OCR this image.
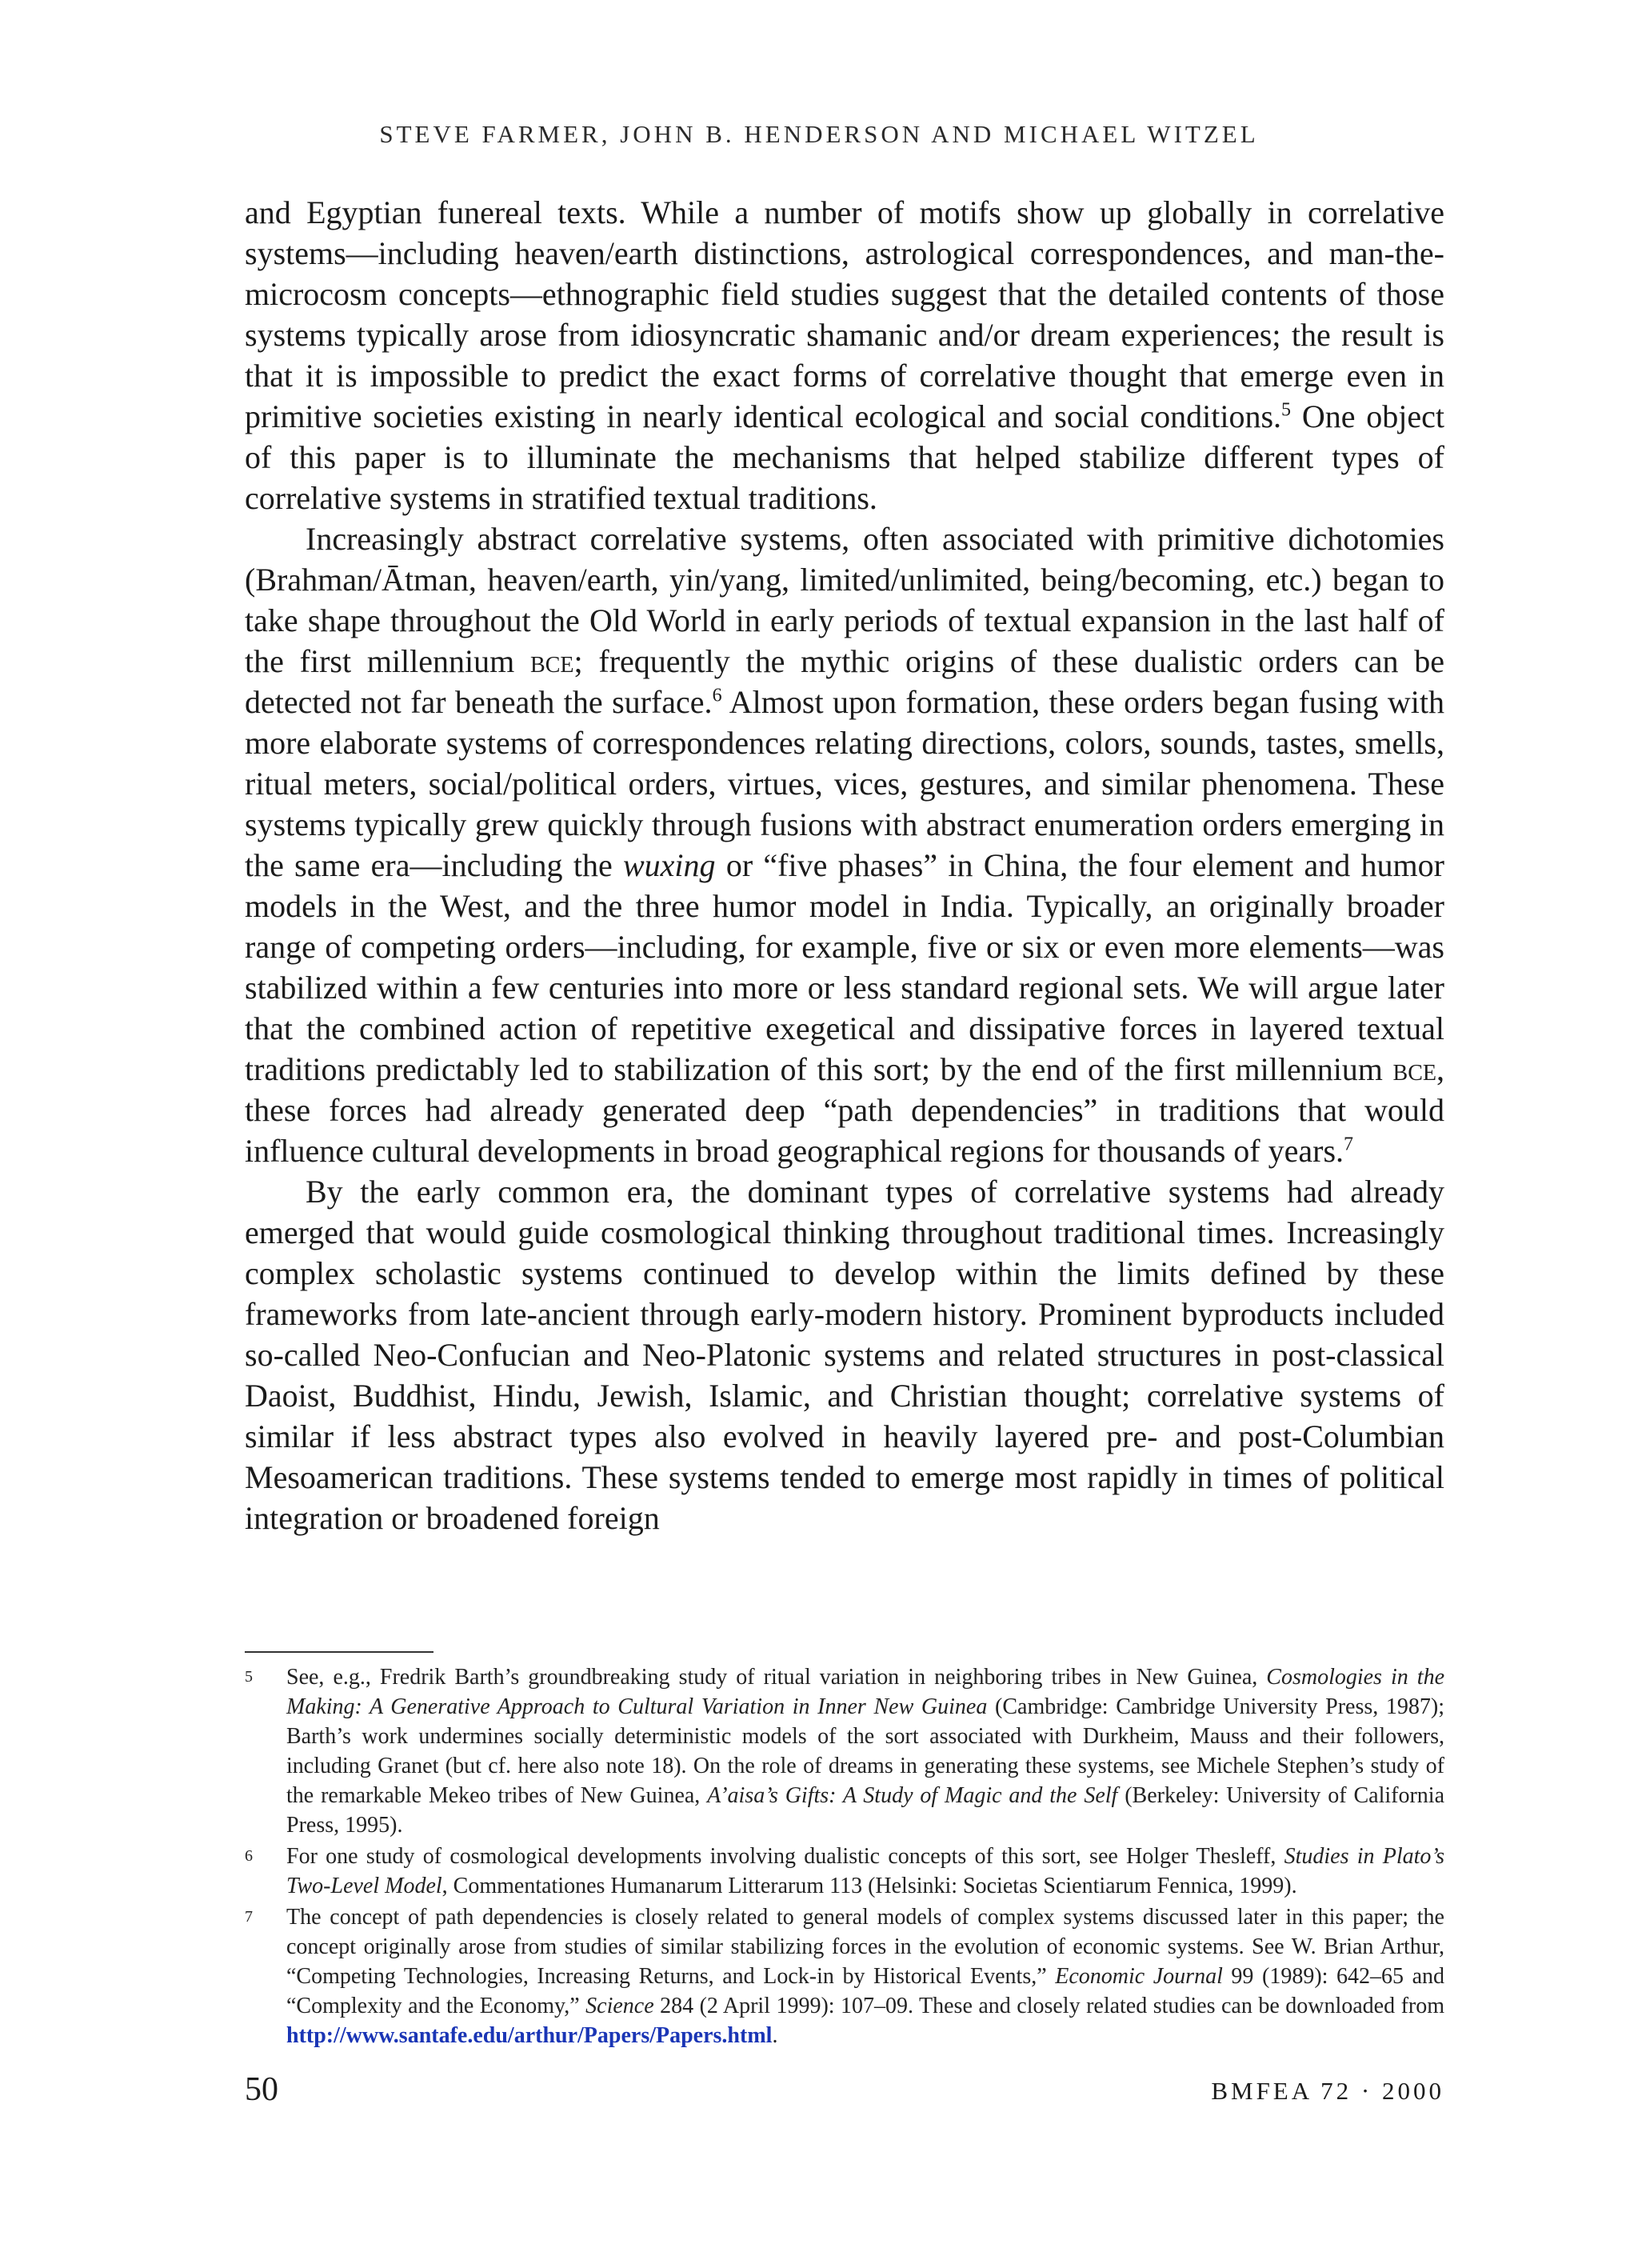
STEVE FARMER, JOHN B. HENDERSON AND MICHAEL WITZEL

and Egyptian funereal texts. While a number of motifs show up globally in correlative systems—including heaven/earth distinctions, astrological correspondences, and man-the-microcosm concepts—ethnographic field studies suggest that the detailed contents of those systems typically arose from idiosyncratic shamanic and/or dream experiences; the result is that it is impossible to predict the exact forms of correlative thought that emerge even in primitive societies existing in nearly identical ecological and social conditions.$^5$ One object of this paper is to illuminate the mechanisms that helped stabilize different types of correlative systems in stratified textual traditions.

Increasingly abstract correlative systems, often associated with primitive dichotomies (Brahman/Ātman, heaven/earth, yin/yang, limited/unlimited, being/becoming, etc.) began to take shape throughout the Old World in early periods of textual expansion in the last half of the first millennium bce; frequently the mythic origins of these dualistic orders can be detected not far beneath the surface.$^6$ Almost upon formation, these orders began fusing with more elaborate systems of correspondences relating directions, colors, sounds, tastes, smells, ritual meters, social/political orders, virtues, vices, gestures, and similar phenomena. These systems typically grew quickly through fusions with abstract enumeration orders emerging in the same era—including the wuxing or “five phases” in China, the four element and humor models in the West, and the three humor model in India. Typically, an originally broader range of competing orders—including, for example, five or six or even more elements—was stabilized within a few centuries into more or less standard regional sets. We will argue later that the combined action of repetitive exegetical and dissipative forces in layered textual traditions predictably led to stabilization of this sort; by the end of the first millennium bce, these forces had already generated deep “path dependencies” in traditions that would influence cultural developments in broad geographical regions for thousands of years.$^7$

By the early common era, the dominant types of correlative systems had already emerged that would guide cosmological thinking throughout traditional times. Increasingly complex scholastic systems continued to develop within the limits defined by these frameworks from late-ancient through early-modern history. Prominent byproducts included so-called Neo-Confucian and Neo-Platonic systems and related structures in post-classical Daoist, Buddhist, Hindu, Jewish, Islamic, and Christian thought; correlative systems of similar if less abstract types also evolved in heavily layered pre- and post-Columbian Mesoamerican traditions. These systems tended to emerge most rapidly in times of political integration or broadened foreign

5 See, e.g., Fredrik Barth’s groundbreaking study of ritual variation in neighboring tribes in New Guinea, Cosmologies in the Making: A Generative Approach to Cultural Variation in Inner New Guinea (Cambridge: Cambridge University Press, 1987); Barth’s work undermines socially deterministic models of the sort associated with Durkheim, Mauss and their followers, including Granet (but cf. here also note 18). On the role of dreams in generating these systems, see Michele Stephen’s study of the remarkable Mekeo tribes of New Guinea, A’aisa’s Gifts: A Study of Magic and the Self (Berkeley: University of California Press, 1995).
6 For one study of cosmological developments involving dualistic concepts of this sort, see Holger Thesleff, Studies in Plato’s Two-Level Model, Commentationes Humanarum Litterarum 113 (Helsinki: Societas Scientiarum Fennica, 1999).
7 The concept of path dependencies is closely related to general models of complex systems discussed later in this paper; the concept originally arose from studies of similar stabilizing forces in the evolution of economic systems. See W. Brian Arthur, “Competing Technologies, Increasing Returns, and Lock-in by Historical Events,” Economic Journal 99 (1989): 642–65 and “Complexity and the Economy,” Science 284 (2 April 1999): 107–09. These and closely related studies can be downloaded from http://www.santafe.edu/arthur/Papers/Papers.html.
50	BMFEA 72 · 2000
